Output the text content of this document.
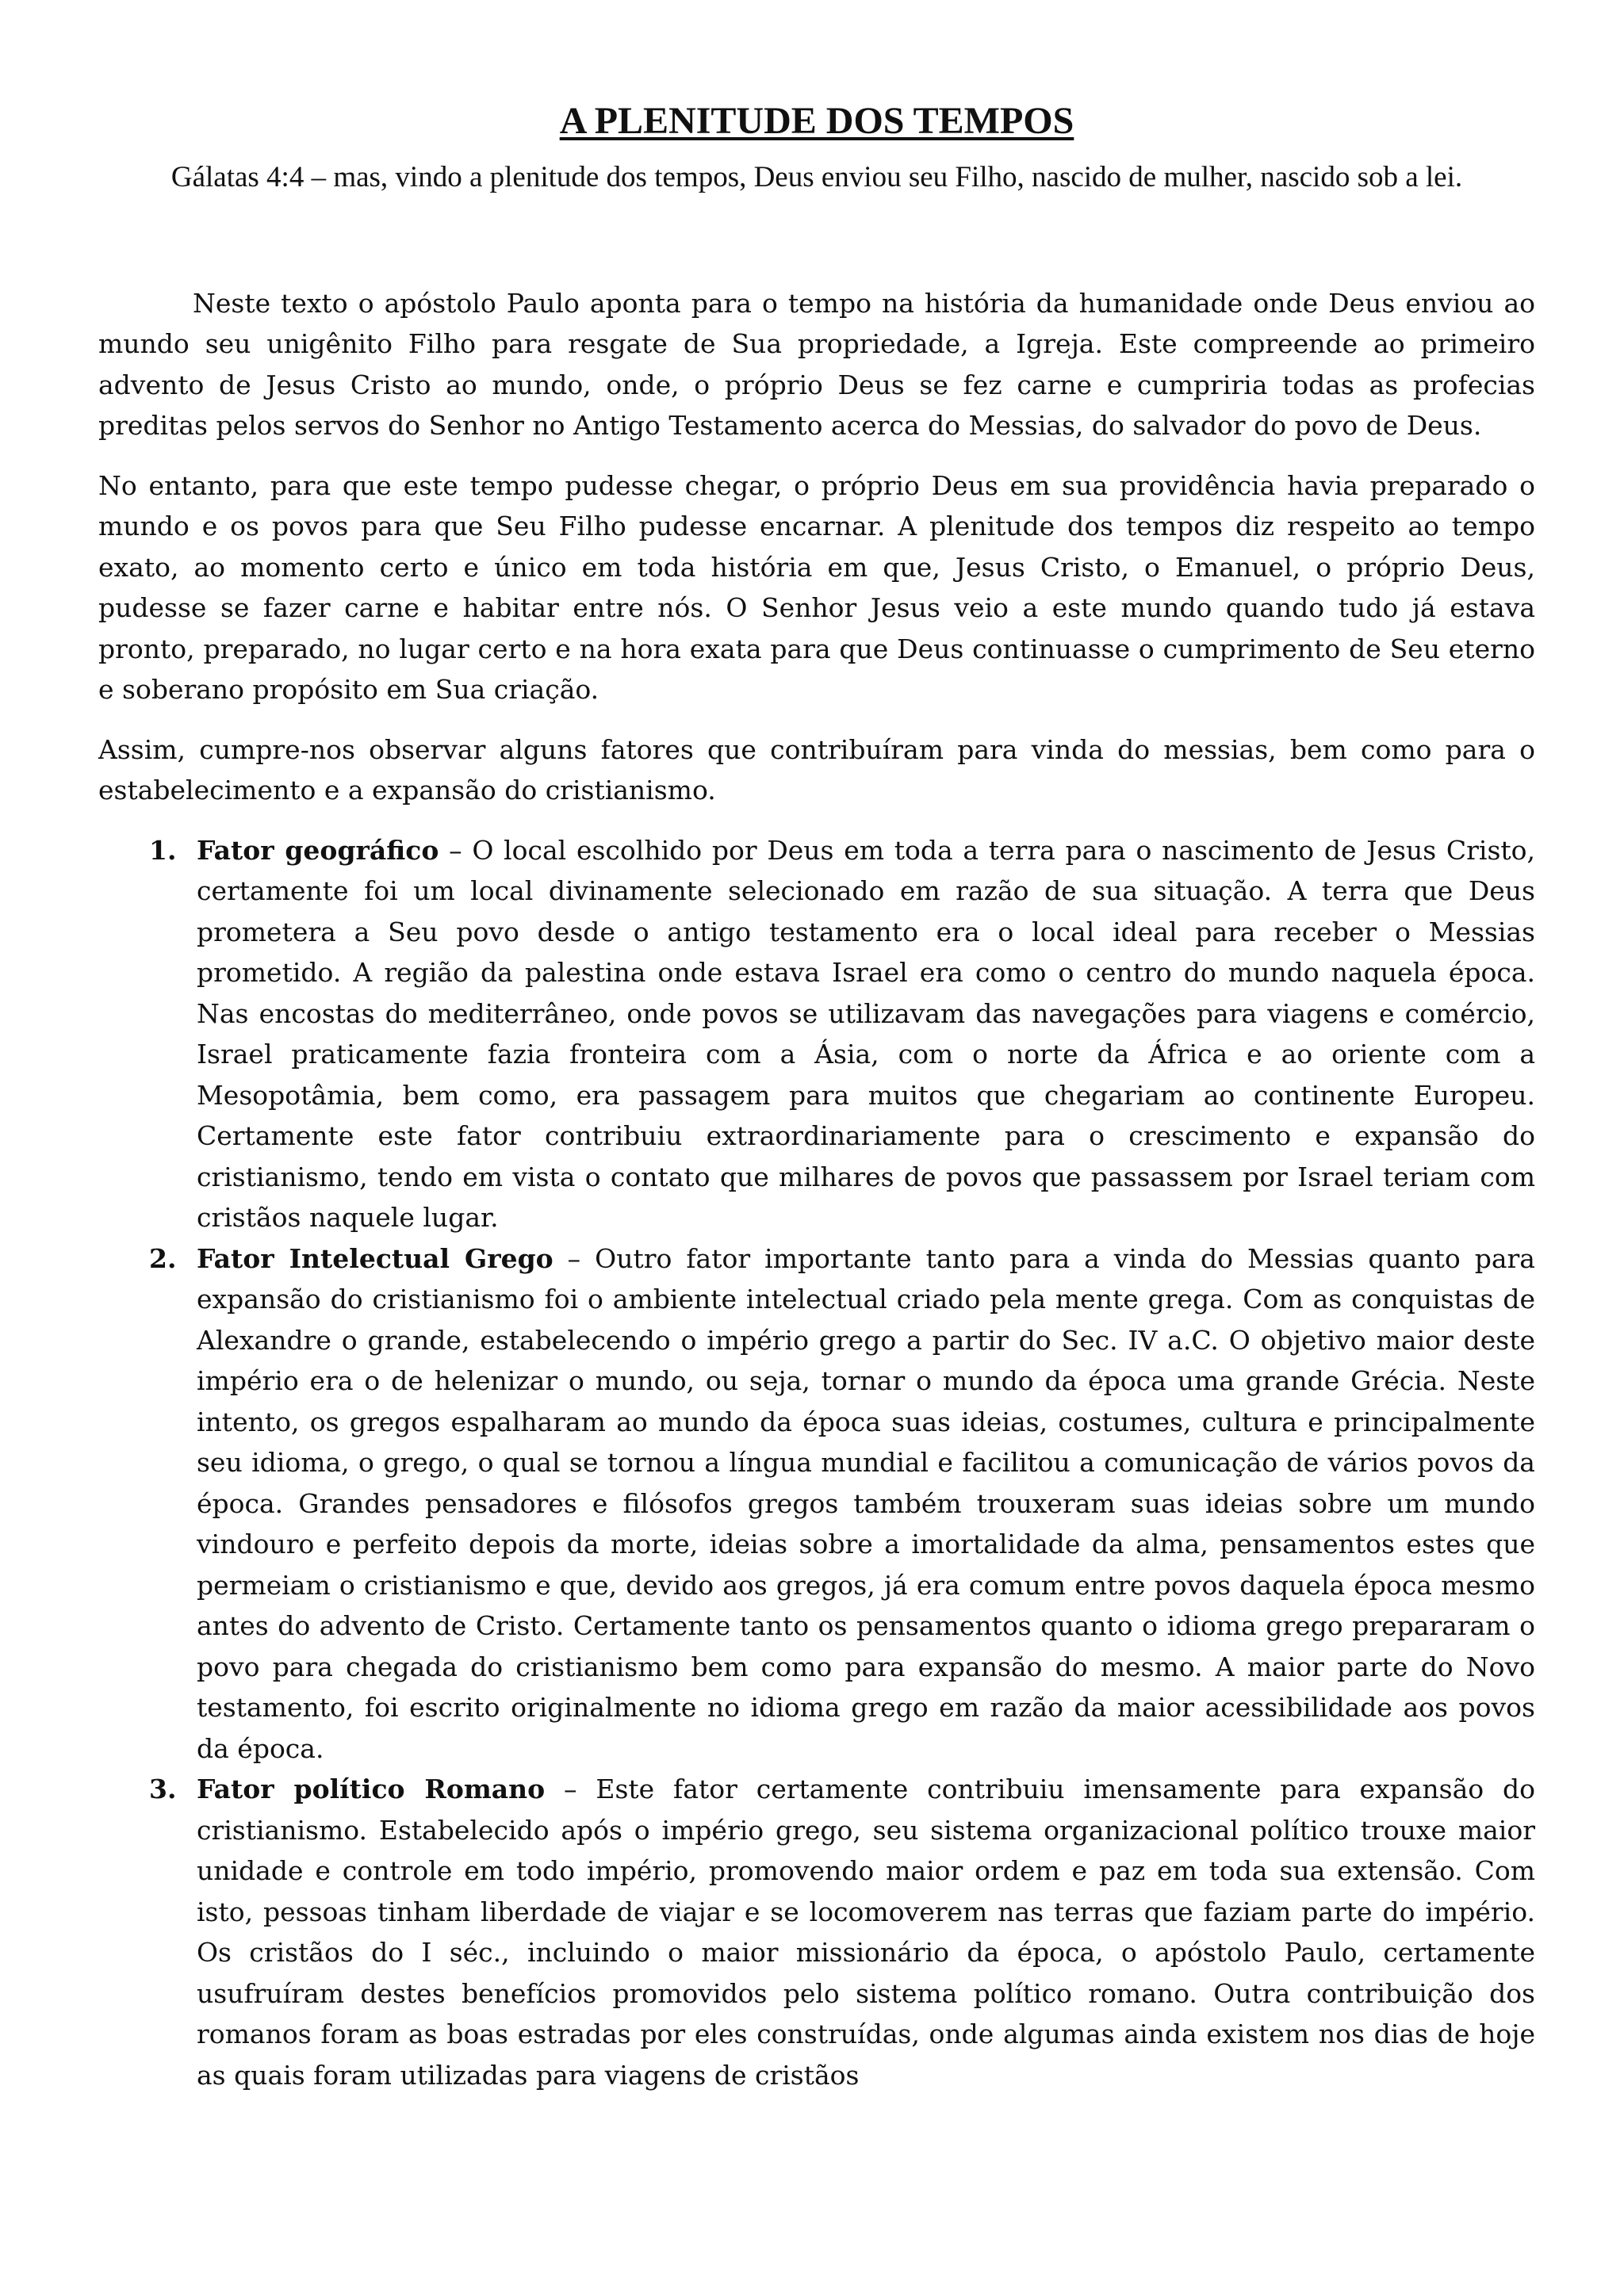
A PLENITUDE DOS TEMPOS

Gálatas 4:4 – mas, vindo a plenitude dos tempos, Deus enviou seu Filho, nascido de mulher, nascido sob a lei.

Neste texto o apóstolo Paulo aponta para o tempo na história da humanidade onde Deus enviou ao mundo seu unigênito Filho para resgate de Sua propriedade, a Igreja. Este compreende ao primeiro advento de Jesus Cristo ao mundo, onde, o próprio Deus se fez carne e cumpriria todas as profecias preditas pelos servos do Senhor no Antigo Testamento acerca do Messias, do salvador do povo de Deus.

No entanto, para que este tempo pudesse chegar, o próprio Deus em sua providência havia preparado o mundo e os povos para que Seu Filho pudesse encarnar. A plenitude dos tempos diz respeito ao tempo exato, ao momento certo e único em toda história em que, Jesus Cristo, o Emanuel, o próprio Deus, pudesse se fazer carne e habitar entre nós. O Senhor Jesus veio a este mundo quando tudo já estava pronto, preparado, no lugar certo e na hora exata para que Deus continuasse o cumprimento de Seu eterno e soberano propósito em Sua criação.

Assim, cumpre-nos observar alguns fatores que contribuíram para vinda do messias, bem como para o estabelecimento e a expansão do cristianismo.

1. Fator geográfico – O local escolhido por Deus em toda a terra para o nascimento de Jesus Cristo, certamente foi um local divinamente selecionado em razão de sua situação. A terra que Deus prometera a Seu povo desde o antigo testamento era o local ideal para receber o Messias prometido. A região da palestina onde estava Israel era como o centro do mundo naquela época. Nas encostas do mediterrâneo, onde povos se utilizavam das navegações para viagens e comércio, Israel praticamente fazia fronteira com a Ásia, com o norte da África e ao oriente com a Mesopotâmia, bem como, era passagem para muitos que chegariam ao continente Europeu. Certamente este fator contribuiu extraordinariamente para o crescimento e expansão do cristianismo, tendo em vista o contato que milhares de povos que passassem por Israel teriam com cristãos naquele lugar.

2. Fator Intelectual Grego – Outro fator importante tanto para a vinda do Messias quanto para expansão do cristianismo foi o ambiente intelectual criado pela mente grega. Com as conquistas de Alexandre o grande, estabelecendo o império grego a partir do Sec. IV a.C. O objetivo maior deste império era o de helenizar o mundo, ou seja, tornar o mundo da época uma grande Grécia. Neste intento, os gregos espalharam ao mundo da época suas ideias, costumes, cultura e principalmente seu idioma, o grego, o qual se tornou a língua mundial e facilitou a comunicação de vários povos da época. Grandes pensadores e filósofos gregos também trouxeram suas ideias sobre um mundo vindouro e perfeito depois da morte, ideias sobre a imortalidade da alma, pensamentos estes que permeiam o cristianismo e que, devido aos gregos, já era comum entre povos daquela época mesmo antes do advento de Cristo. Certamente tanto os pensamentos quanto o idioma grego prepararam o povo para chegada do cristianismo bem como para expansão do mesmo. A maior parte do Novo testamento, foi escrito originalmente no idioma grego em razão da maior acessibilidade aos povos da época.

3. Fator político Romano – Este fator certamente contribuiu imensamente para expansão do cristianismo. Estabelecido após o império grego, seu sistema organizacional político trouxe maior unidade e controle em todo império, promovendo maior ordem e paz em toda sua extensão. Com isto, pessoas tinham liberdade de viajar e se locomoverem nas terras que faziam parte do império. Os cristãos do I séc., incluindo o maior missionário da época, o apóstolo Paulo, certamente usufruíram destes benefícios promovidos pelo sistema político romano. Outra contribuição dos romanos foram as boas estradas por eles construídas, onde algumas ainda existem nos dias de hoje as quais foram utilizadas para viagens de cristãos
